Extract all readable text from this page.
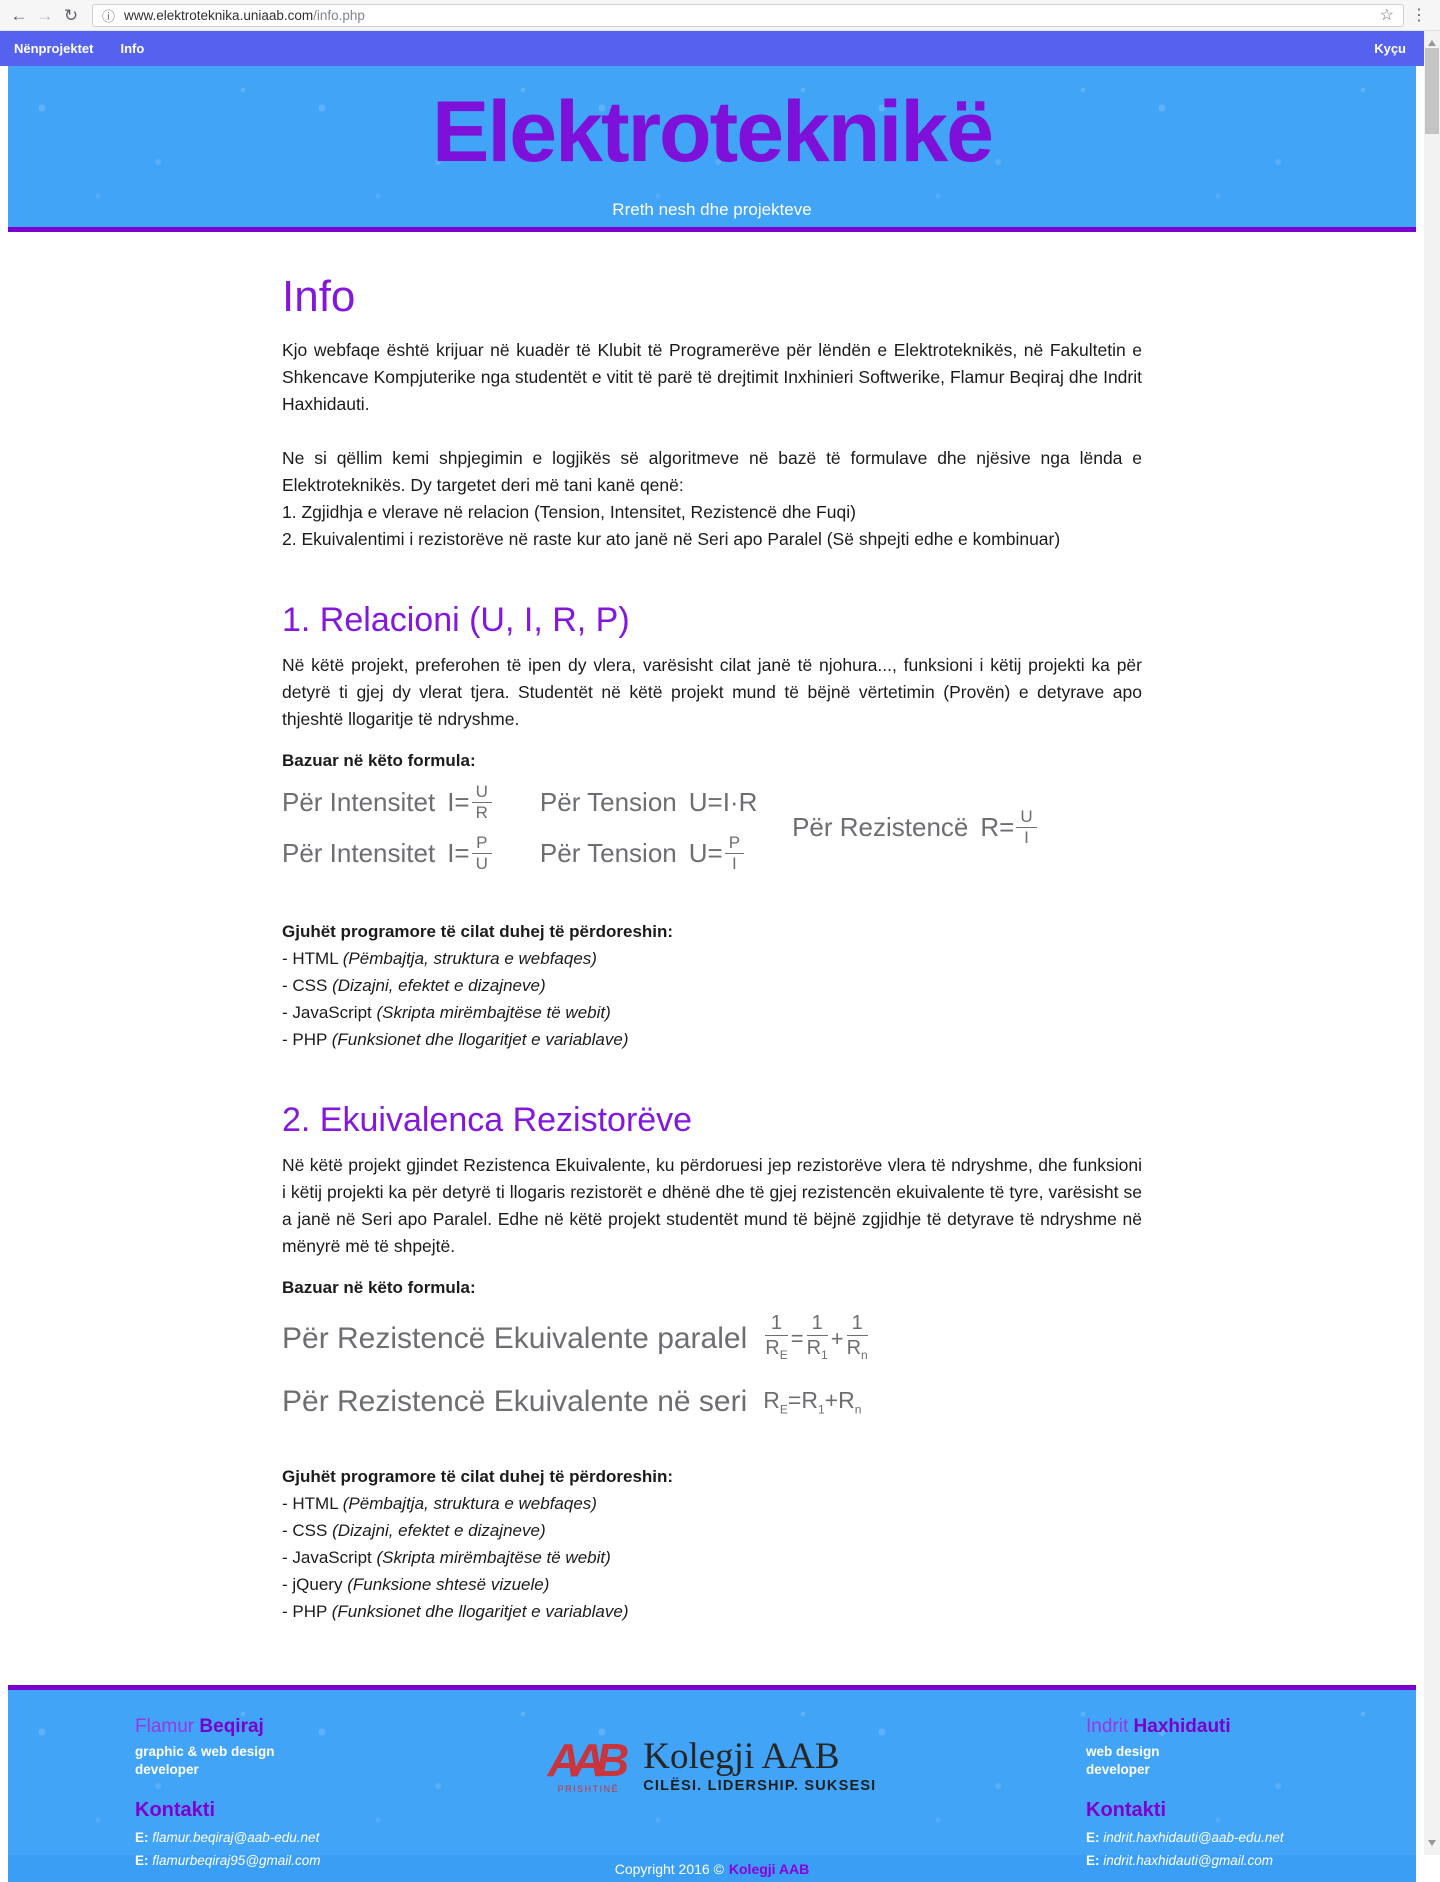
← → ↻	ⓘ www.elektroteknika.uniaab.com /info.php	☆	⋮
Nënprojektet Info	Kyçu
Elektroteknikë
Rreth nesh dhe projekteve
Info

Kjo webfaqe është krijuar në kuadër të Klubit të Programerëve për lëndën e Elektroteknikës, në Fakultetin e Shkencave Kompjuterike nga studentët e vitit të parë të drejtimit Inxhinieri Softwerike, Flamur Beqiraj dhe Indrit Haxhidauti.

Ne si qëllim kemi shpjegimin e logjikës së algoritmeve në bazë të formulave dhe njësive nga lënda e Elektroteknikës. Dy targetet deri më tani kanë qenë:

1. Zgjidhja e vlerave në relacion (Tension, Intensitet, Rezistencë dhe Fuqi)
2. Ekuivalentimi i rezistorëve në raste kur ato janë në Seri apo Paralel (Së shpejti edhe e kombinuar)
1. Relacioni (U, I, R, P)

Në këtë projekt, preferohen të ipen dy vlera, varësisht cilat janë të njohura..., funksioni i këtij projekti ka për detyrë ti gjej dy vlerat tjera. Studentët në këtë projekt mund të bëjnë vërtetimin (Provën) e detyrave apo thjeshtë llogaritje të ndryshme.

Bazuar në këto formula:
Për Intensitet $I= \frac{U}{R}$ Për Tension U=I·R
Për Intensitet $I= \frac{P}{U}$ Për Tension $U= \frac{P}{I}$
Për Rezistencë $R= \frac{U}{I}$
Gjuhët programore të cilat duhej të përdoreshin:
- HTML (Pëmbajtja, struktura e webfaqes)
- CSS (Dizajni, efektet e dizajneve)
- JavaScript (Skripta mirëmbajtëse të webit)
- PHP (Funksionet dhe llogaritjet e variablave)
2. Ekuivalenca Rezistorëve

Në këtë projekt gjindet Rezistenca Ekuivalente, ku përdoruesi jep rezistorëve vlera të ndryshme, dhe funksioni i këtij projekti ka për detyrë ti llogaris rezistorët e dhënë dhe të gjej rezistencën ekuivalente të tyre, varësisht se a janë në Seri apo Paralel. Edhe në këtë projekt studentët mund të bëjnë zgjidhje të detyrave të ndryshme në mënyrë më të shpejtë.

Bazuar në këto formula:
Për Rezistencë Ekuivalente paralel $\frac{1}{R_E} = \frac{1}{R_1} + \frac{1}{R_n}$
Për Rezistencë Ekuivalente në seri $R_E=R_1+R_n$
Gjuhët programore të cilat duhej të përdoreshin:
- HTML (Pëmbajtja, struktura e webfaqes)
- CSS (Dizajni, efektet e dizajneve)
- JavaScript (Skripta mirëmbajtëse të webit)
- jQuery (Funksione shtesë vizuele)
- PHP (Funksionet dhe llogaritjet e variablave)
Flamur Beqiraj
graphic & web design
developer
Kontakti
E: flamur.beqiraj@aab-edu.net
E: flamurbeqiraj95@gmail.com
AAB
PRISHTINË
Kolegji AAB
CILËSI. LIDERSHIP. SUKSESI
Indrit Haxhidauti
web design
developer
Kontakti
E: indrit.haxhidauti@aab-edu.net
E: indrit.haxhidauti@gmail.com
Copyright 2016 © Kolegji AAB
